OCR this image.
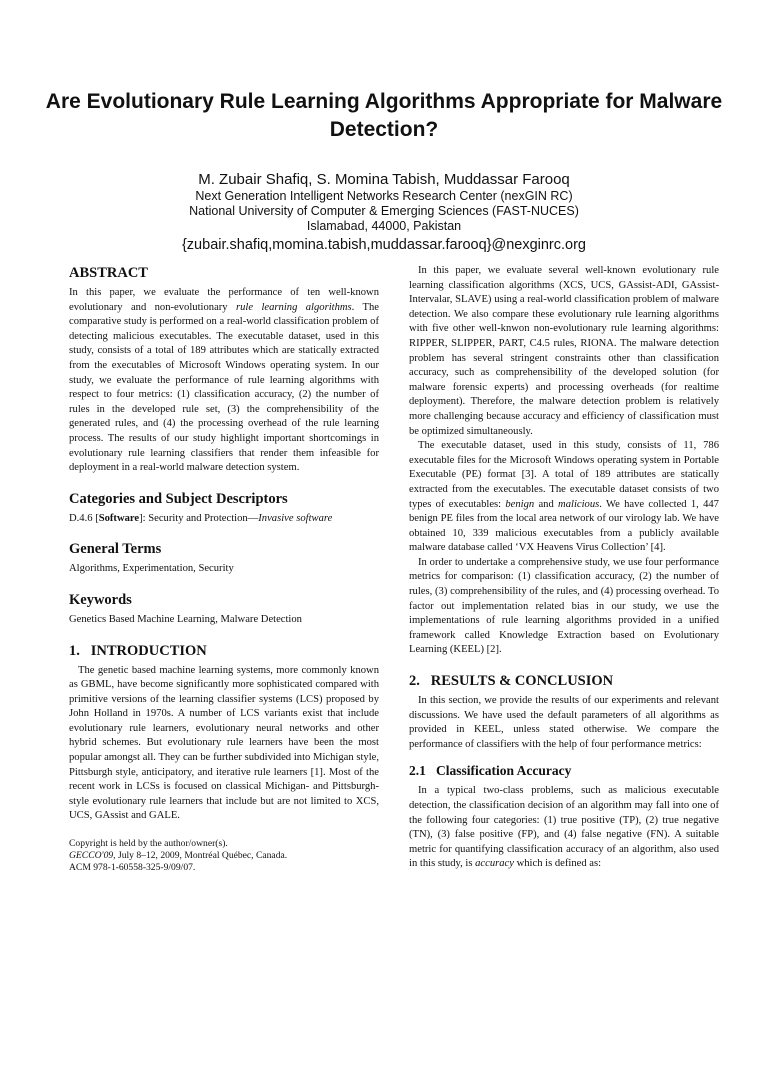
Are Evolutionary Rule Learning Algorithms Appropriate for Malware Detection?
M. Zubair Shafiq, S. Momina Tabish, Muddassar Farooq
Next Generation Intelligent Networks Research Center (nexGIN RC)
National University of Computer & Emerging Sciences (FAST-NUCES)
Islamabad, 44000, Pakistan
{zubair.shafiq,momina.tabish,muddassar.farooq}@nexginrc.org
ABSTRACT

In this paper, we evaluate the performance of ten well-known evolutionary and non-evolutionary rule learning algorithms. The comparative study is performed on a real-world classification problem of detecting malicious executables. The executable dataset, used in this study, consists of a total of 189 attributes which are statically extracted from the executables of Microsoft Windows operating system. In our study, we evaluate the performance of rule learning algorithms with respect to four metrics: (1) classification accuracy, (2) the number of rules in the developed rule set, (3) the comprehensibility of the generated rules, and (4) the processing overhead of the rule learning process. The results of our study highlight important shortcomings in evolutionary rule learning classifiers that render them infeasible for deployment in a real-world malware detection system.

Categories and Subject Descriptors

D.4.6 [Software]: Security and Protection—Invasive software

General Terms

Algorithms, Experimentation, Security

Keywords

Genetics Based Machine Learning, Malware Detection

1.   INTRODUCTION

The genetic based machine learning systems, more commonly known as GBML, have become significantly more sophisticated compared with primitive versions of the learning classifier systems (LCS) proposed by John Holland in 1970s. A number of LCS variants exist that include evolutionary rule learners, evolutionary neural networks and other hybrid schemes. But evolutionary rule learners have been the most popular amongst all. They can be further subdivided into Michigan style, Pittsburgh style, anticipatory, and iterative rule learners [1]. Most of the recent work in LCSs is focused on classical Michigan- and Pittsburgh-style evolutionary rule learners that include but are not limited to XCS, UCS, GAssist and GALE.

Copyright is held by the author/owner(s).

GECCO'09, July 8–12, 2009, Montréal Québec, Canada.

ACM 978-1-60558-325-9/09/07.

In this paper, we evaluate several well-known evolutionary rule learning classification algorithms (XCS, UCS, GAssist-ADI, GAssist-Intervalar, SLAVE) using a real-world classification problem of malware detection. We also compare these evolutionary rule learning algorithms with five other well-knwon non-evolutionary rule learning algorithms: RIPPER, SLIPPER, PART, C4.5 rules, RIONA. The malware detection problem has several stringent constraints other than classification accuracy, such as comprehensibility of the developed solution (for malware forensic experts) and processing overheads (for realtime deployment). Therefore, the malware detection problem is relatively more challenging because accuracy and efficiency of classification must be optimized simultaneously.

The executable dataset, used in this study, consists of 11, 786 executable files for the Microsoft Windows operating system in Portable Executable (PE) format [3]. A total of 189 attributes are statically extracted from the executables. The executable dataset consists of two types of executables: benign and malicious. We have collected 1, 447 benign PE files from the local area network of our virology lab. We have obtained 10, 339 malicious executables from a publicly available malware database called ‘VX Heavens Virus Collection’ [4].

In order to undertake a comprehensive study, we use four performance metrics for comparison: (1) classification accuracy, (2) the number of rules, (3) comprehensibility of the rules, and (4) processing overhead. To factor out implementation related bias in our study, we use the implementations of rule learning algorithms provided in a unified framework called Knowledge Extraction based on Evolutionary Learning (KEEL) [2].

2.   RESULTS & CONCLUSION

In this section, we provide the results of our experiments and relevant discussions. We have used the default parameters of all algorithms as provided in KEEL, unless stated otherwise. We compare the performance of classifiers with the help of four performance metrics:

2.1   Classification Accuracy

In a typical two-class problems, such as malicious executable detection, the classification decision of an algorithm may fall into one of the following four categories: (1) true positive (TP), (2) true negative (TN), (3) false positive (FP), and (4) false negative (FN). A suitable metric for quantifying classification accuracy of an algorithm, also used in this study, is accuracy which is defined as:
